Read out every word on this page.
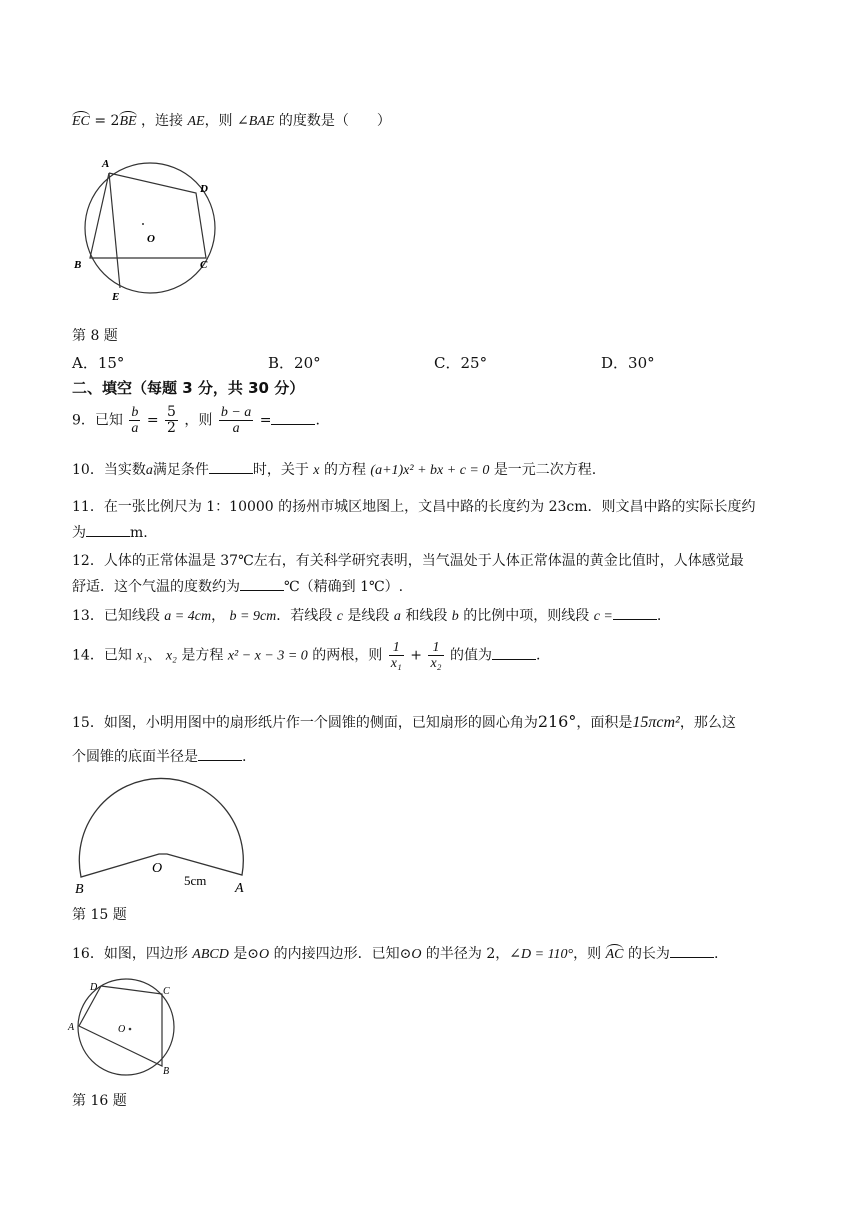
EC = 2BE ，连接 AE，则 ∠BAE 的度数是（　　）
A
D
O
B	C
E
第 8 题
A．15°	B．20°	C．25°	D．30°
二、填空（每题 3 分，共 30 分）
9．已知 $\frac{b}{a} = \frac{5}{2}$ ，则 $\frac{b - a}{a}$ =	.
10．当实数a满足条件	时，关于 x 的方程 (a+1)x² + bx + c = 0 是一元二次方程.
11．在一张比例尺为 1：10000 的扬州市城区地图上，文昌中路的长度约为 23cm．则文昌中路的实际长度约
为	m.
12．人体的正常体温是 37℃左右，有关科学研究表明，当气温处于人体正常体温的黄金比值时，人体感觉最
舒适．这个气温的度数约为	℃（精确到 1℃）.
13．已知线段 a = 4cm， b = 9cm．若线段 c 是线段 a 和线段 b 的比例中项，则线段 c =	.
14．已知 x₁、 x₂ 是方程 x² − x − 3 = 0 的两根，则 $\frac{1}{\text{x₁}} + \frac{1}{\text{x₂}}$ 的值为	.
15．如图，小明用图中的扇形纸片作一个圆锥的侧面，已知扇形的圆心角为216°，面积是15πcm²，那么这
个圆锥的底面半径是	.
O
B	A
5cm
第 15 题
16．如图，四边形 ABCD 是⊙O 的内接四边形．已知⊙O 的半径为 2，∠D = 110°，则 AC 的长为	.
D	C
A	O
B
第 16 题
